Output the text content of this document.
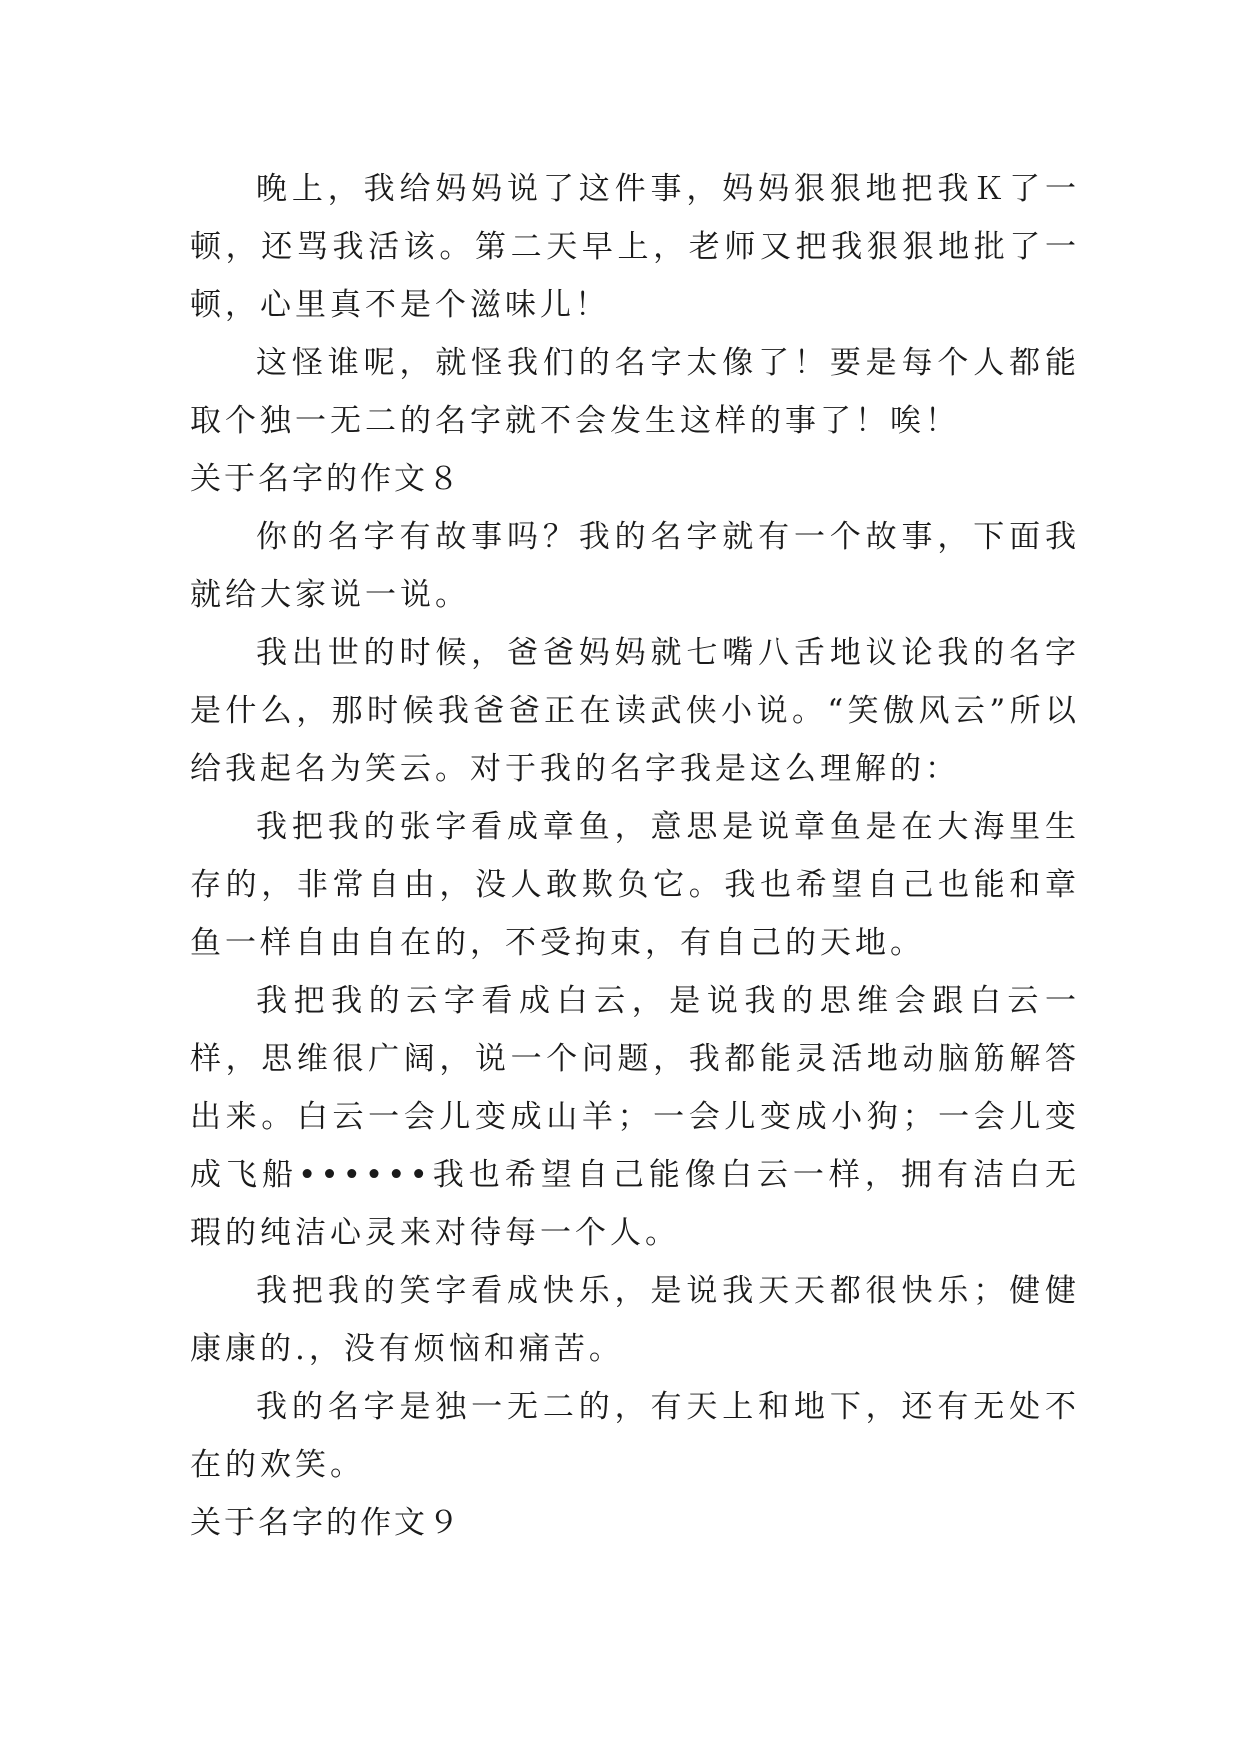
晚上，我给妈妈说了这件事，妈妈狠狠地把我Ｋ了一顿，还骂我活该。第二天早上，老师又把我狠狠地批了一顿，心里真不是个滋味儿！

这怪谁呢，就怪我们的名字太像了！要是每个人都能取个独一无二的名字就不会发生这样的事了！唉！

关于名字的作文８

你的名字有故事吗？我的名字就有一个故事，下面我就给大家说一说。

我出世的时候，爸爸妈妈就七嘴八舌地议论我的名字是什么，那时候我爸爸正在读武侠小说。“笑傲风云”所以给我起名为笑云。对于我的名字我是这么理解的：

我把我的张字看成章鱼，意思是说章鱼是在大海里生存的，非常自由，没人敢欺负它。我也希望自己也能和章鱼一样自由自在的，不受拘束，有自己的天地。

我把我的云字看成白云，是说我的思维会跟白云一样，思维很广阔，说一个问题，我都能灵活地动脑筋解答出来。白云一会儿变成山羊；一会儿变成小狗；一会儿变成飞船••••••我也希望自己能像白云一样，拥有洁白无瑕的纯洁心灵来对待每一个人。

我把我的笑字看成快乐，是说我天天都很快乐；健健康康的.，没有烦恼和痛苦。

我的名字是独一无二的，有天上和地下，还有无处不在的欢笑。

关于名字的作文９
